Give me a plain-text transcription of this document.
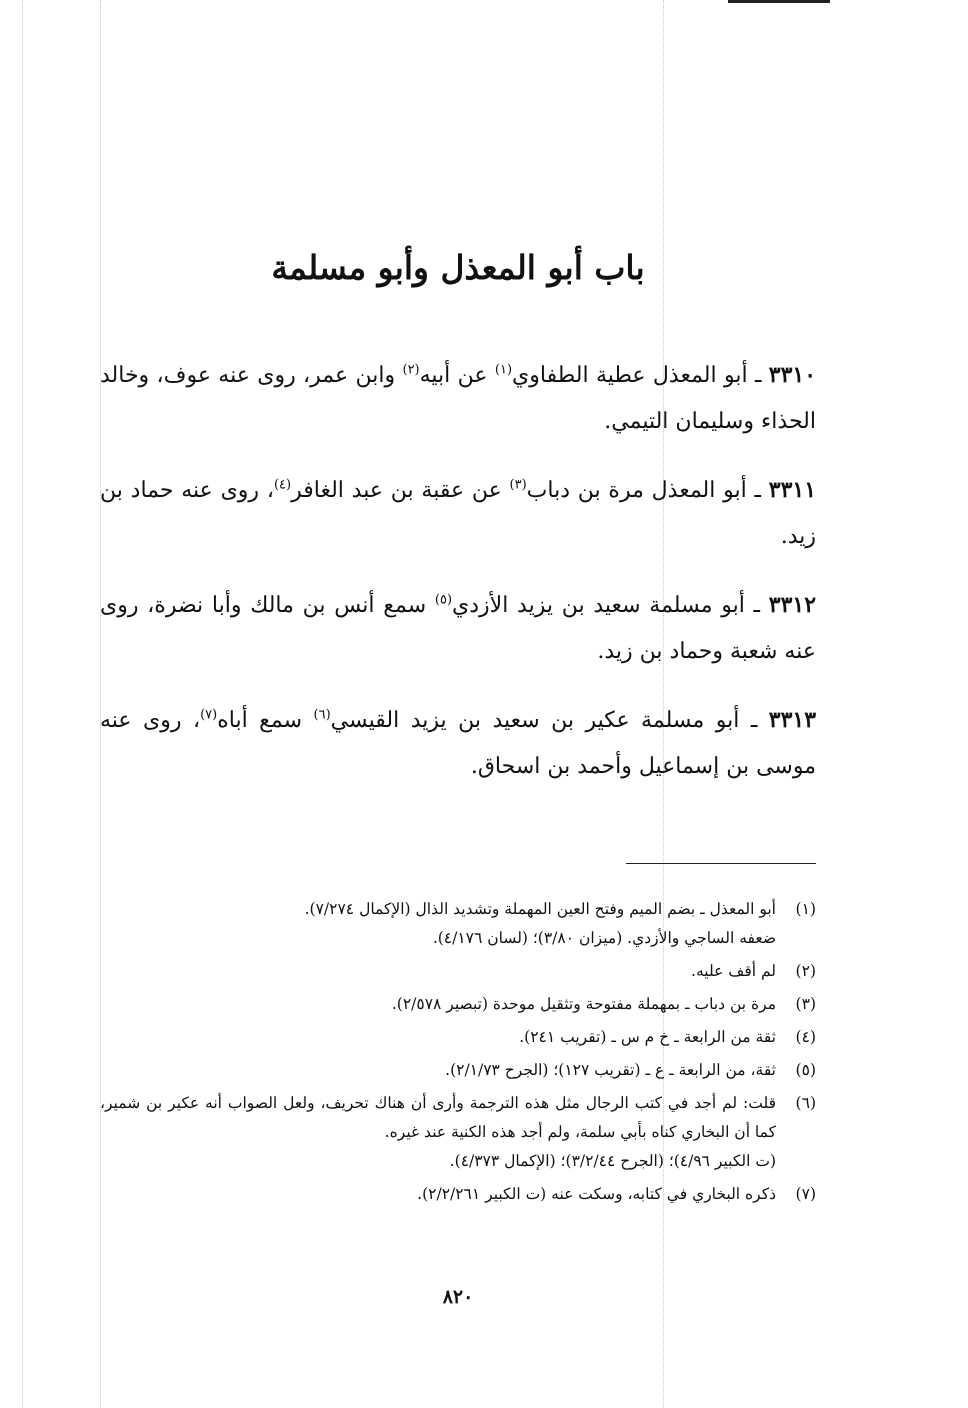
باب أبو المعذل وأبو مسلمة

٣٣١٠ ـ أبو المعذل عطية الطفاوي$^{(١)}$ عن أبيه$^{(٢)}$ وابن عمر، روى عنه عوف، وخالد الحذاء وسليمان التيمي.

٣٣١١ ـ أبو المعذل مرة بن دباب$^{(٣)}$ عن عقبة بن عبد الغافر$^{(٤)}$، روى عنه حماد بن زيد.

٣٣١٢ ـ أبو مسلمة سعيد بن يزيد الأزدي$^{(٥)}$ سمع أنس بن مالك وأبا نضرة، روى عنه شعبة وحماد بن زيد.

٣٣١٣ ـ أبو مسلمة عكير بن سعيد بن يزيد القيسي$^{(٦)}$ سمع أباه$^{(٧)}$، روى عنه موسى بن إسماعيل وأحمد بن اسحاق.

(١)
أبو المعذل ـ بضم الميم وفتح العين المهملة وتشديد الذال (الإكمال ٧/٢٧٤).
ضعفه الساجي والأزدي. (ميزان ٣/٨٠)؛ (لسان ٤/١٧٦).
(٢)
لم أقف عليه.
(٣)
مرة بن دباب ـ بمهملة مفتوحة وتثقيل موحدة (تبصير ٢/٥٧٨).
(٤)
ثقة من الرابعة ـ خ م س ـ (تقريب ٢٤١).
(٥)
ثقة، من الرابعة ـ ع ـ (تقريب ١٢٧)؛ (الجرح ٢/١/٧٣).
(٦)
قلت: لم أجد في كتب الرجال مثل هذه الترجمة وأرى أن هناك تحريف، ولعل الصواب أنه عكير بن شمير، كما أن البخاري كناه بأبي سلمة، ولم أجد هذه الكنية عند غيره.
(ت الكبير ٤/٩٦)؛ (الجرح ٣/٢/٤٤)؛ (الإكمال ٤/٣٧٣).
(٧)
ذكره البخاري في كتابه، وسكت عنه (ت الكبير ٢/٢/٢٦١).
٨٢٠
